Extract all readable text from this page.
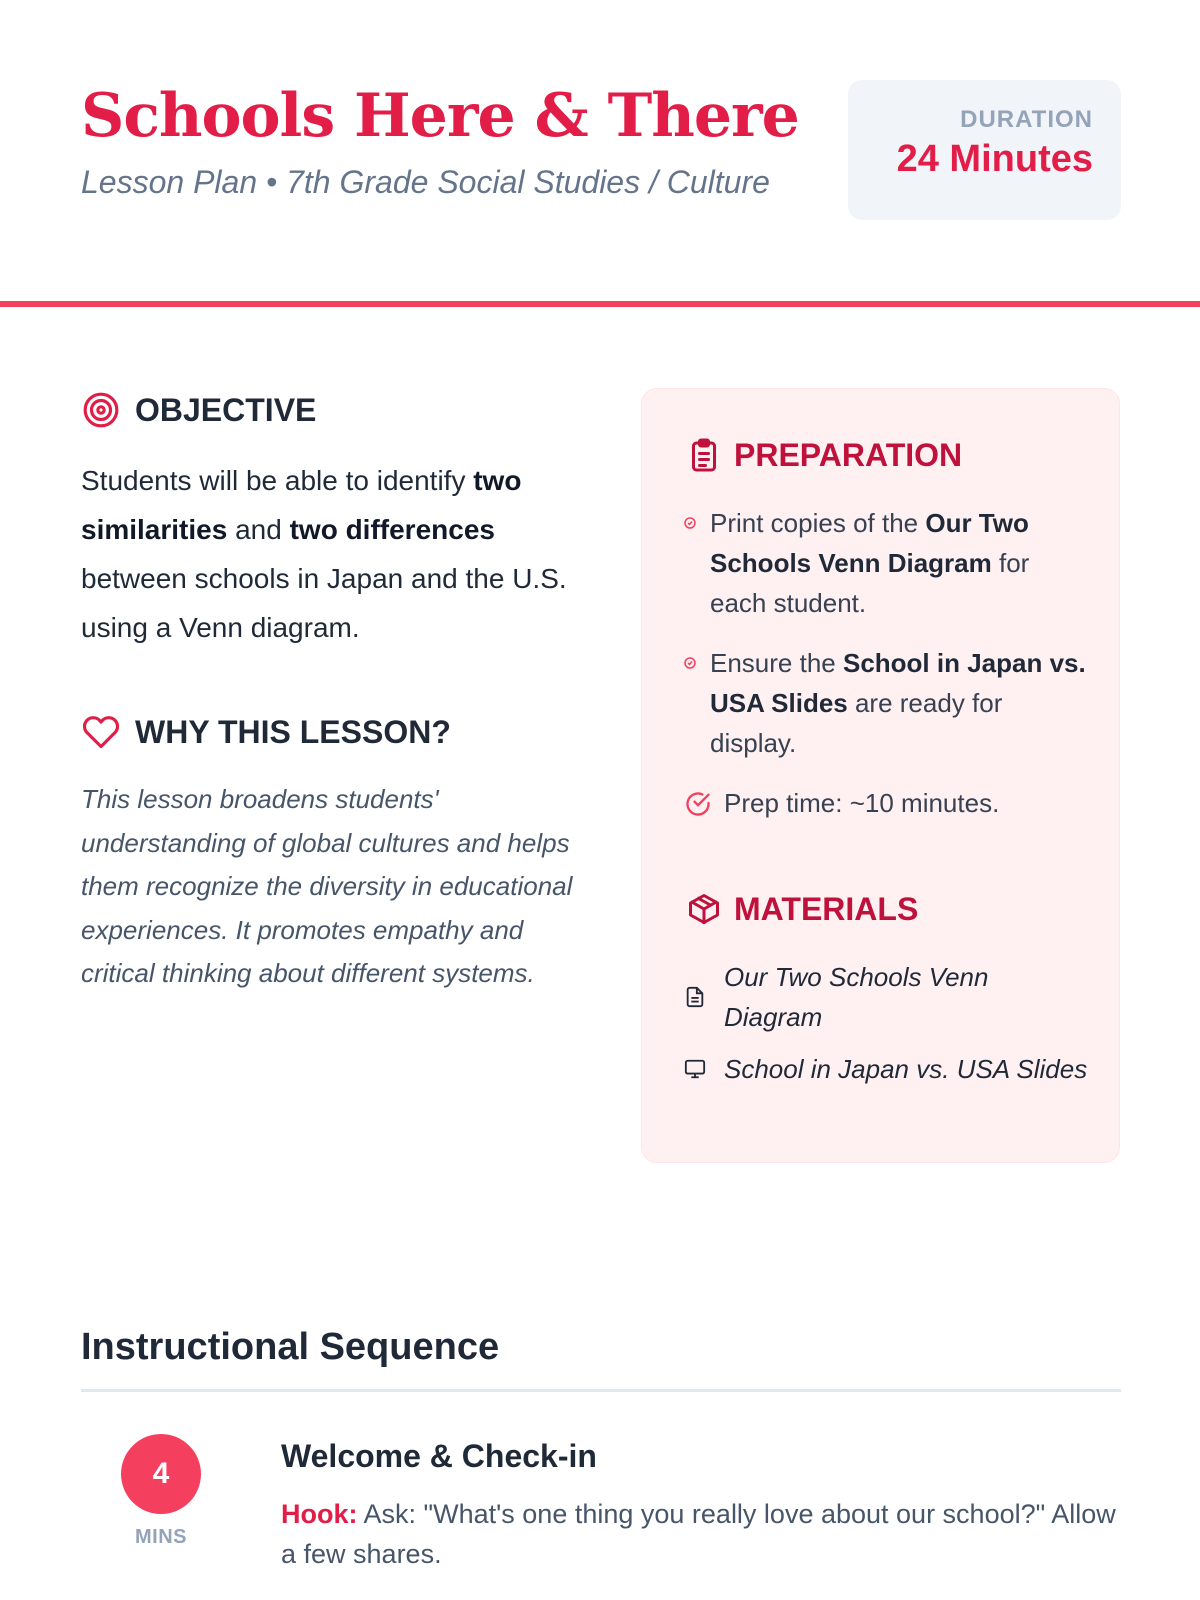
Schools Here & There
Lesson Plan • 7th Grade Social Studies / Culture
DURATION
24 Minutes
OBJECTIVE

Students will be able to identify two similarities and two differences between schools in Japan and the U.S. using a Venn diagram.

WHY THIS LESSON?

This lesson broadens students' understanding of global cultures and helps them recognize the diversity in educational experiences. It promotes empathy and critical thinking about different systems.

PREPARATION
Print copies of the Our Two Schools Venn Diagram for each student.
Ensure the School in Japan vs. USA Slides are ready for display.
Prep time: ~10 minutes.
MATERIALS
Our Two Schools Venn Diagram
School in Japan vs. USA Slides
Instructional Sequence
4
MINS
Welcome & Check-in

Hook: Ask: "What's one thing you really love about our school?" Allow a few shares.
